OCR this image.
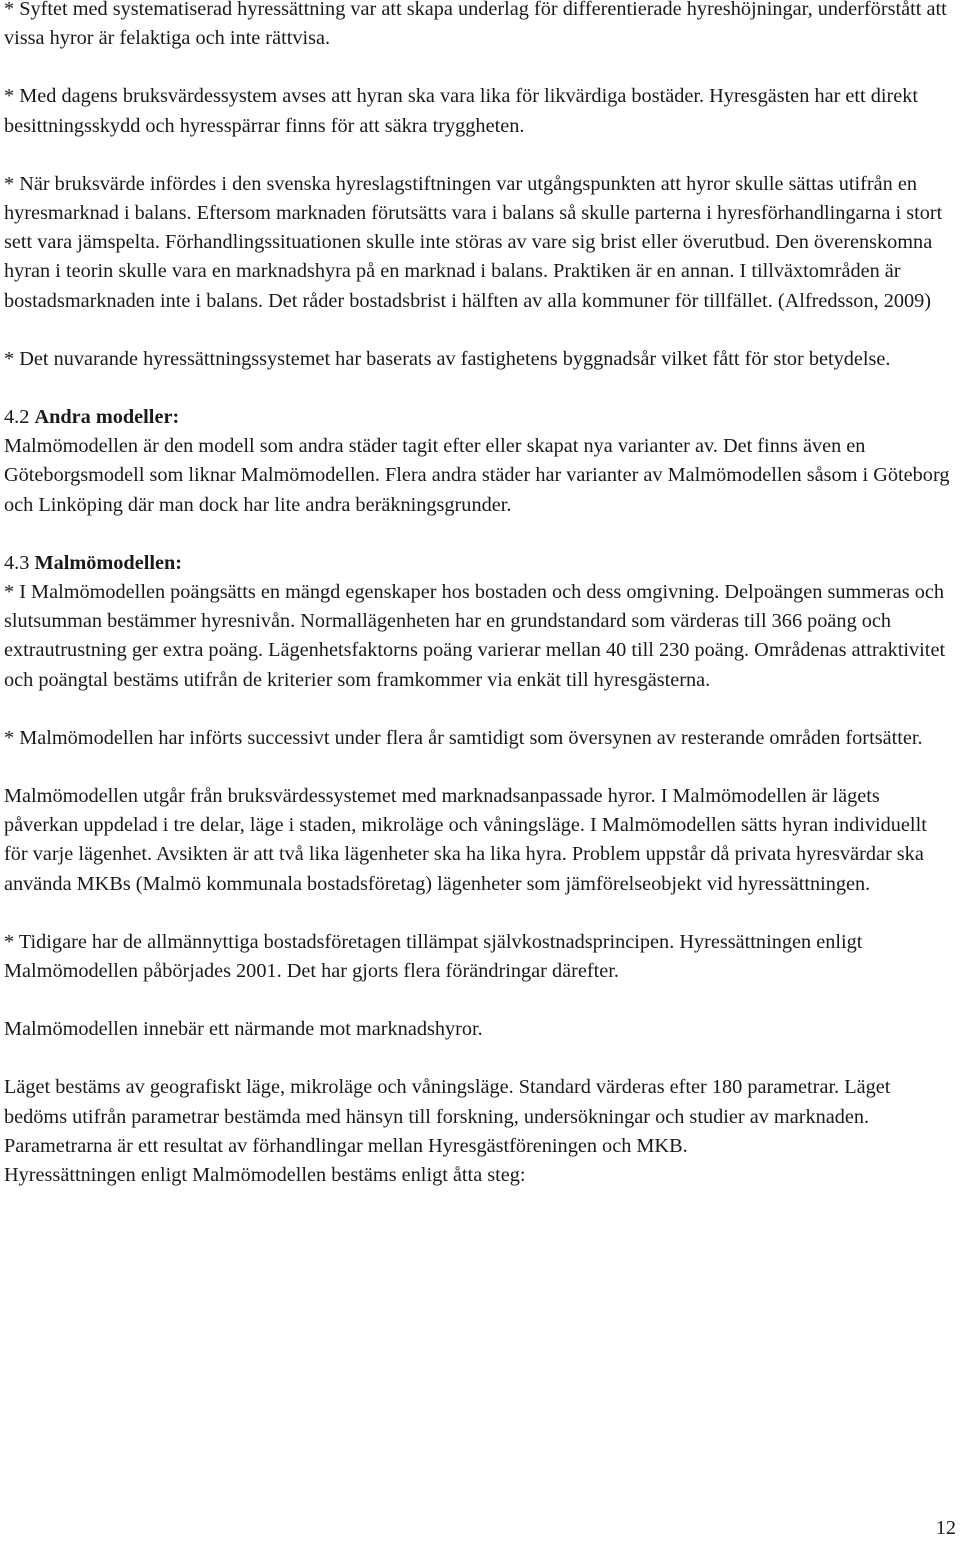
* Syftet med systematiserad hyressättning var att skapa underlag för differentierade hyreshöjningar, underförstått att vissa hyror är felaktiga och inte rättvisa.

* Med dagens bruksvärdessystem avses att hyran ska vara lika för likvärdiga bostäder. Hyresgästen har ett direkt besittningsskydd och hyresspärrar finns för att säkra tryggheten.

* När bruksvärde infördes i den svenska hyreslagstiftningen var utgångspunkten att hyror skulle sättas utifrån en hyresmarknad i balans. Eftersom marknaden förutsätts vara i balans så skulle parterna i hyresförhandlingarna i stort sett vara jämspelta. Förhandlingssituationen skulle inte störas av vare sig brist eller överutbud. Den överenskomna hyran i teorin skulle vara en marknadshyra på en marknad i balans. Praktiken är en annan. I tillväxtområden är bostadsmarknaden inte i balans. Det råder bostadsbrist i hälften av alla kommuner för tillfället. (Alfredsson, 2009)

* Det nuvarande hyressättningssystemet har baserats av fastighetens byggnadsår vilket fått för stor betydelse.

4.2 Andra modeller:

Malmömodellen är den modell som andra städer tagit efter eller skapat nya varianter av. Det finns även en Göteborgsmodell som liknar Malmömodellen. Flera andra städer har varianter av Malmömodellen såsom i Göteborg och Linköping där man dock har lite andra beräkningsgrunder.

4.3 Malmömodellen:

* I Malmömodellen poängsätts en mängd egenskaper hos bostaden och dess omgivning. Delpoängen summeras och slutsumman bestämmer hyresnivån. Normallägenheten har en grundstandard som värderas till 366 poäng och extrautrustning ger extra poäng. Lägenhetsfaktorns poäng varierar mellan 40 till 230 poäng. Områdenas attraktivitet och poängtal bestäms utifrån de kriterier som framkommer via enkät till hyresgästerna.

* Malmömodellen har införts successivt under flera år samtidigt som översynen av resterande områden fortsätter.

Malmömodellen utgår från bruksvärdessystemet med marknadsanpassade hyror. I Malmömodellen är lägets påverkan uppdelad i tre delar, läge i staden, mikroläge och våningsläge. I Malmömodellen sätts hyran individuellt för varje lägenhet. Avsikten är att två lika lägenheter ska ha lika hyra. Problem uppstår då privata hyresvärdar ska använda MKBs (Malmö kommunala bostadsföretag) lägenheter som jämförelseobjekt vid hyressättningen.

* Tidigare har de allmännyttiga bostadsföretagen tillämpat självkostnadsprincipen. Hyressättningen enligt Malmömodellen påbörjades 2001. Det har gjorts flera förändringar därefter.

Malmömodellen innebär ett närmande mot marknadshyror.

Läget bestäms av geografiskt läge, mikroläge och våningsläge. Standard värderas efter 180 parametrar. Läget bedöms utifrån parametrar bestämda med hänsyn till forskning, undersökningar och studier av marknaden. Parametrarna är ett resultat av förhandlingar mellan Hyresgästföreningen och MKB.

Hyressättningen enligt Malmömodellen bestäms enligt åtta steg:

12
